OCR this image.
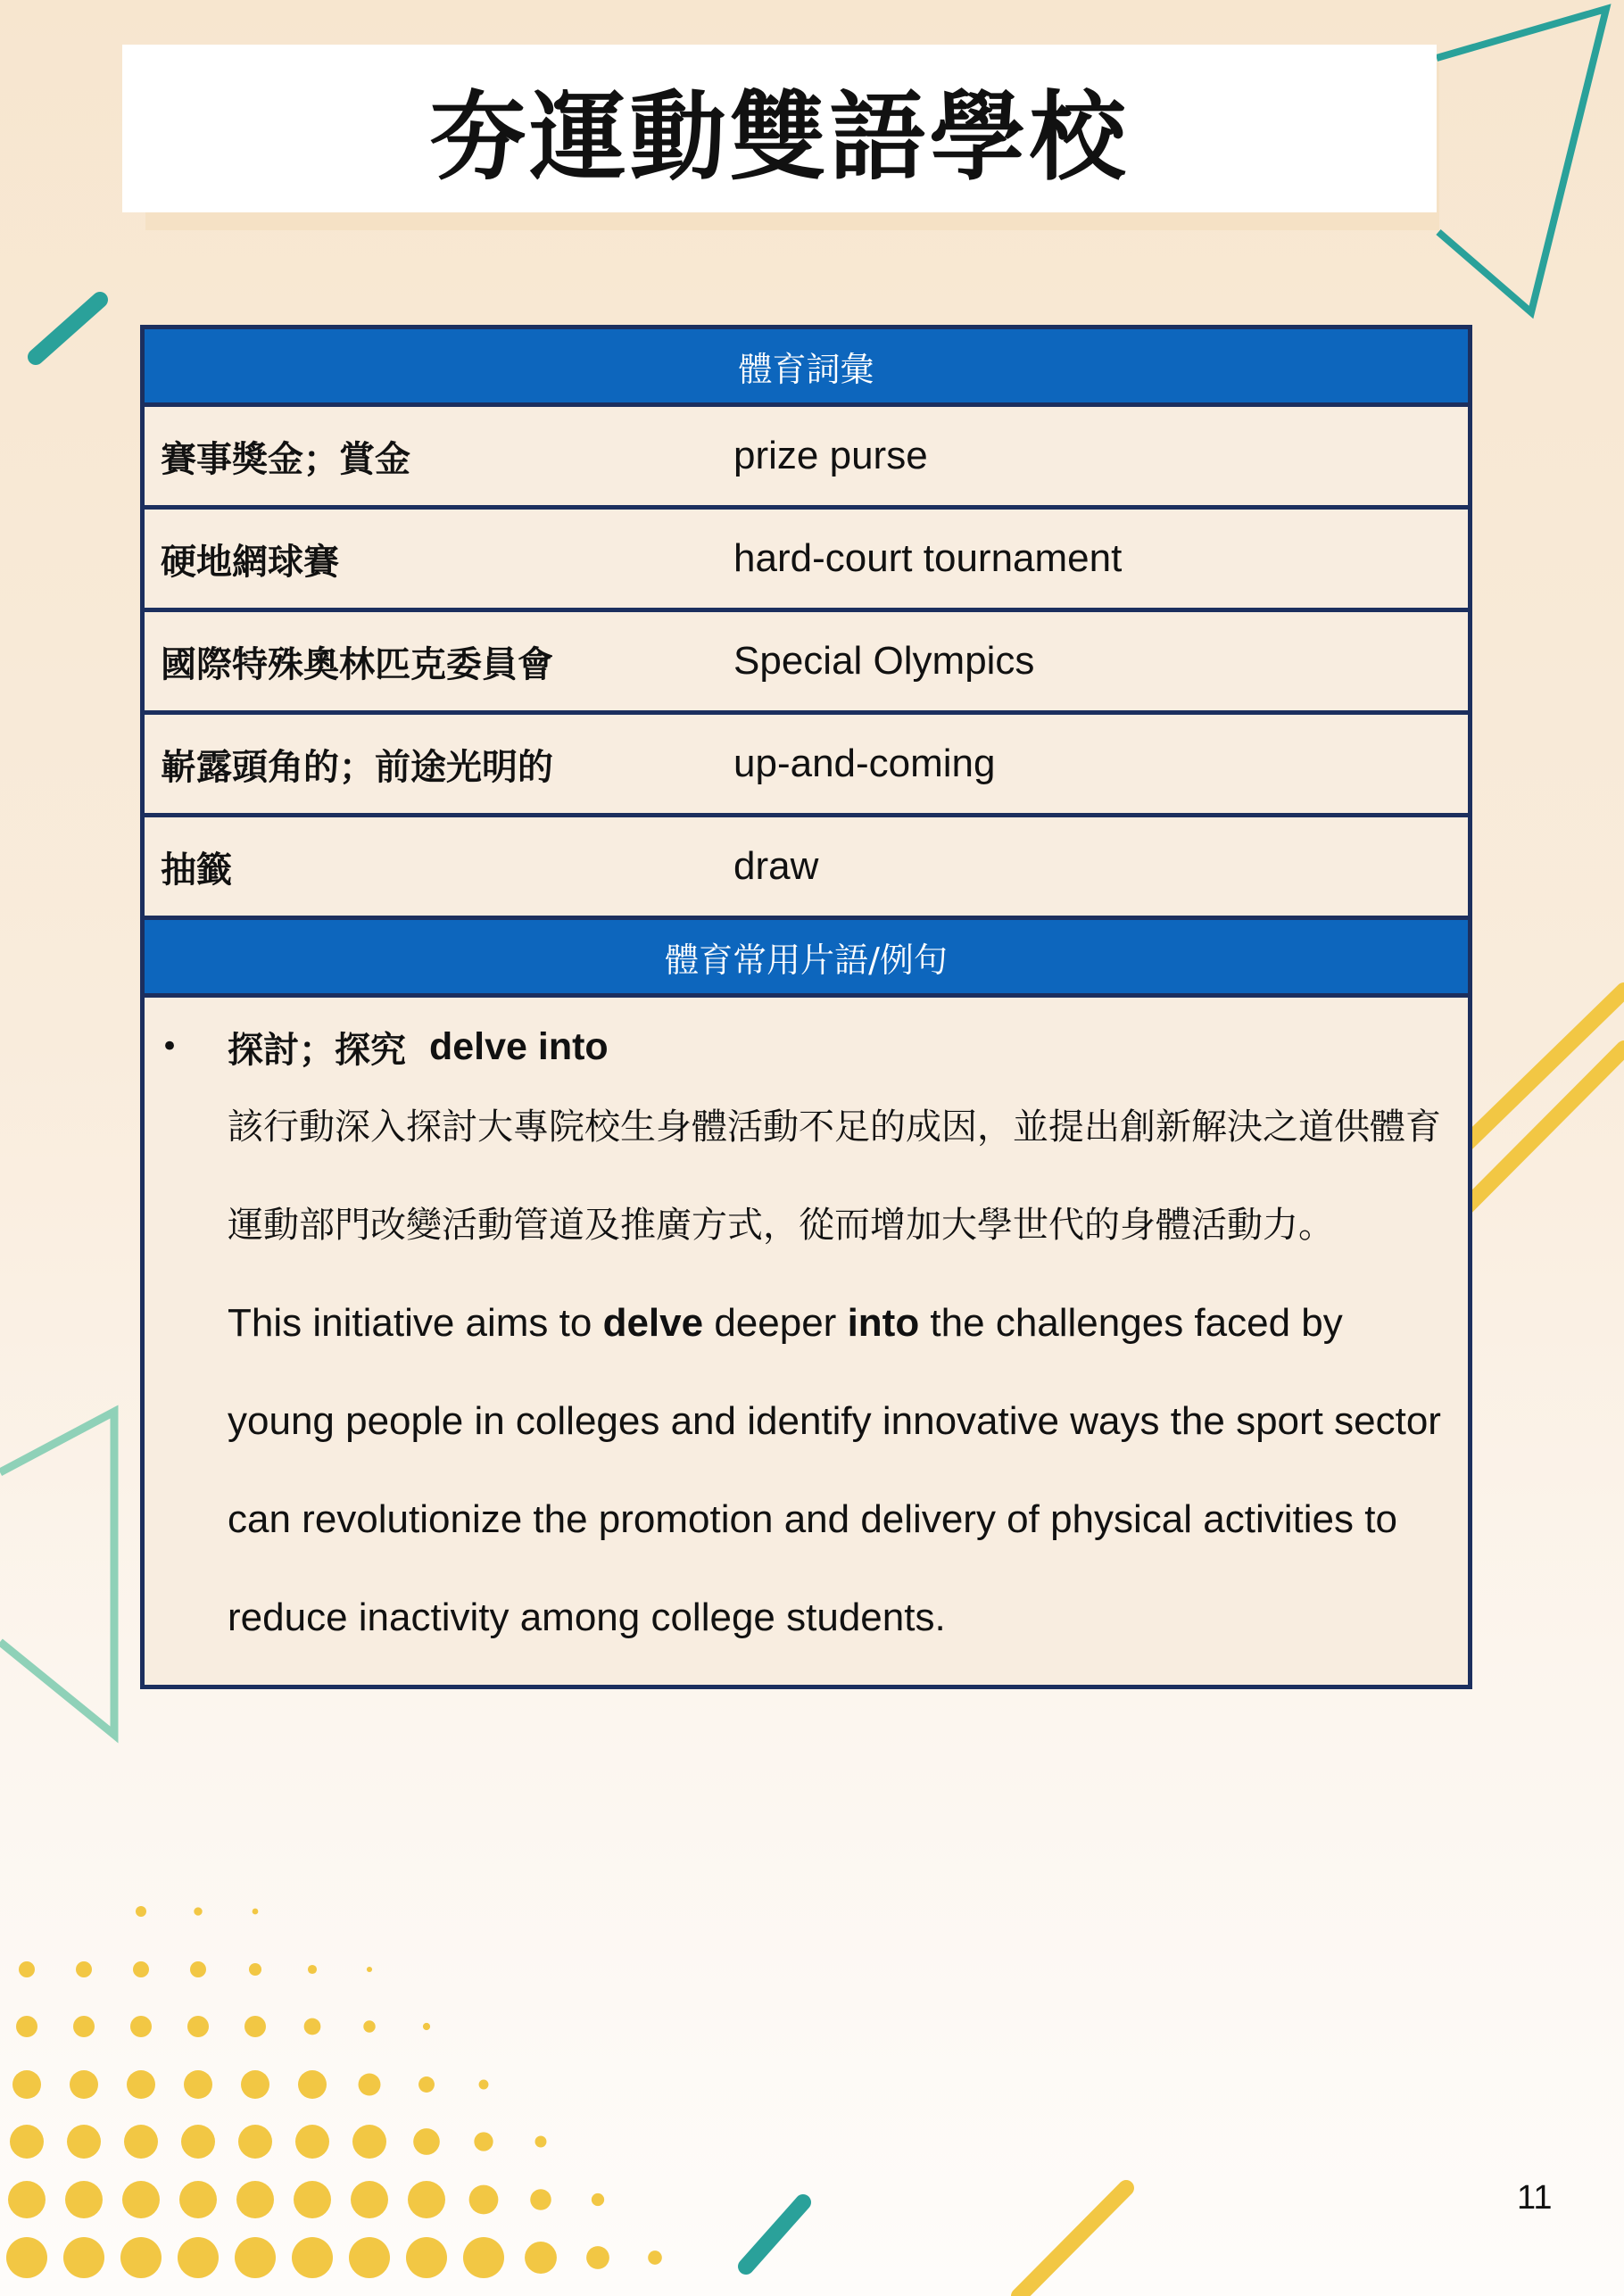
夯運動雙語學校
體育詞彙
賽事獎金；賞金	prize purse
硬地網球賽	hard-court tournament
國際特殊奧林匹克委員會	Special Olympics
嶄露頭角的；前途光明的	up-and-coming
抽籤	draw
體育常用片語/例句
•	探討；探究 delve into
該行動深入探討大專院校生身體活動不足的成因，並提出創新解決之道供體育運動部門改變活動管道及推廣方式，從而增加大學世代的身體活動力。
This initiative aims to delve deeper into the challenges faced by young people in colleges and identify innovative ways the sport sector can revolutionize the promotion and delivery of physical activities to reduce inactivity among college students.
11
